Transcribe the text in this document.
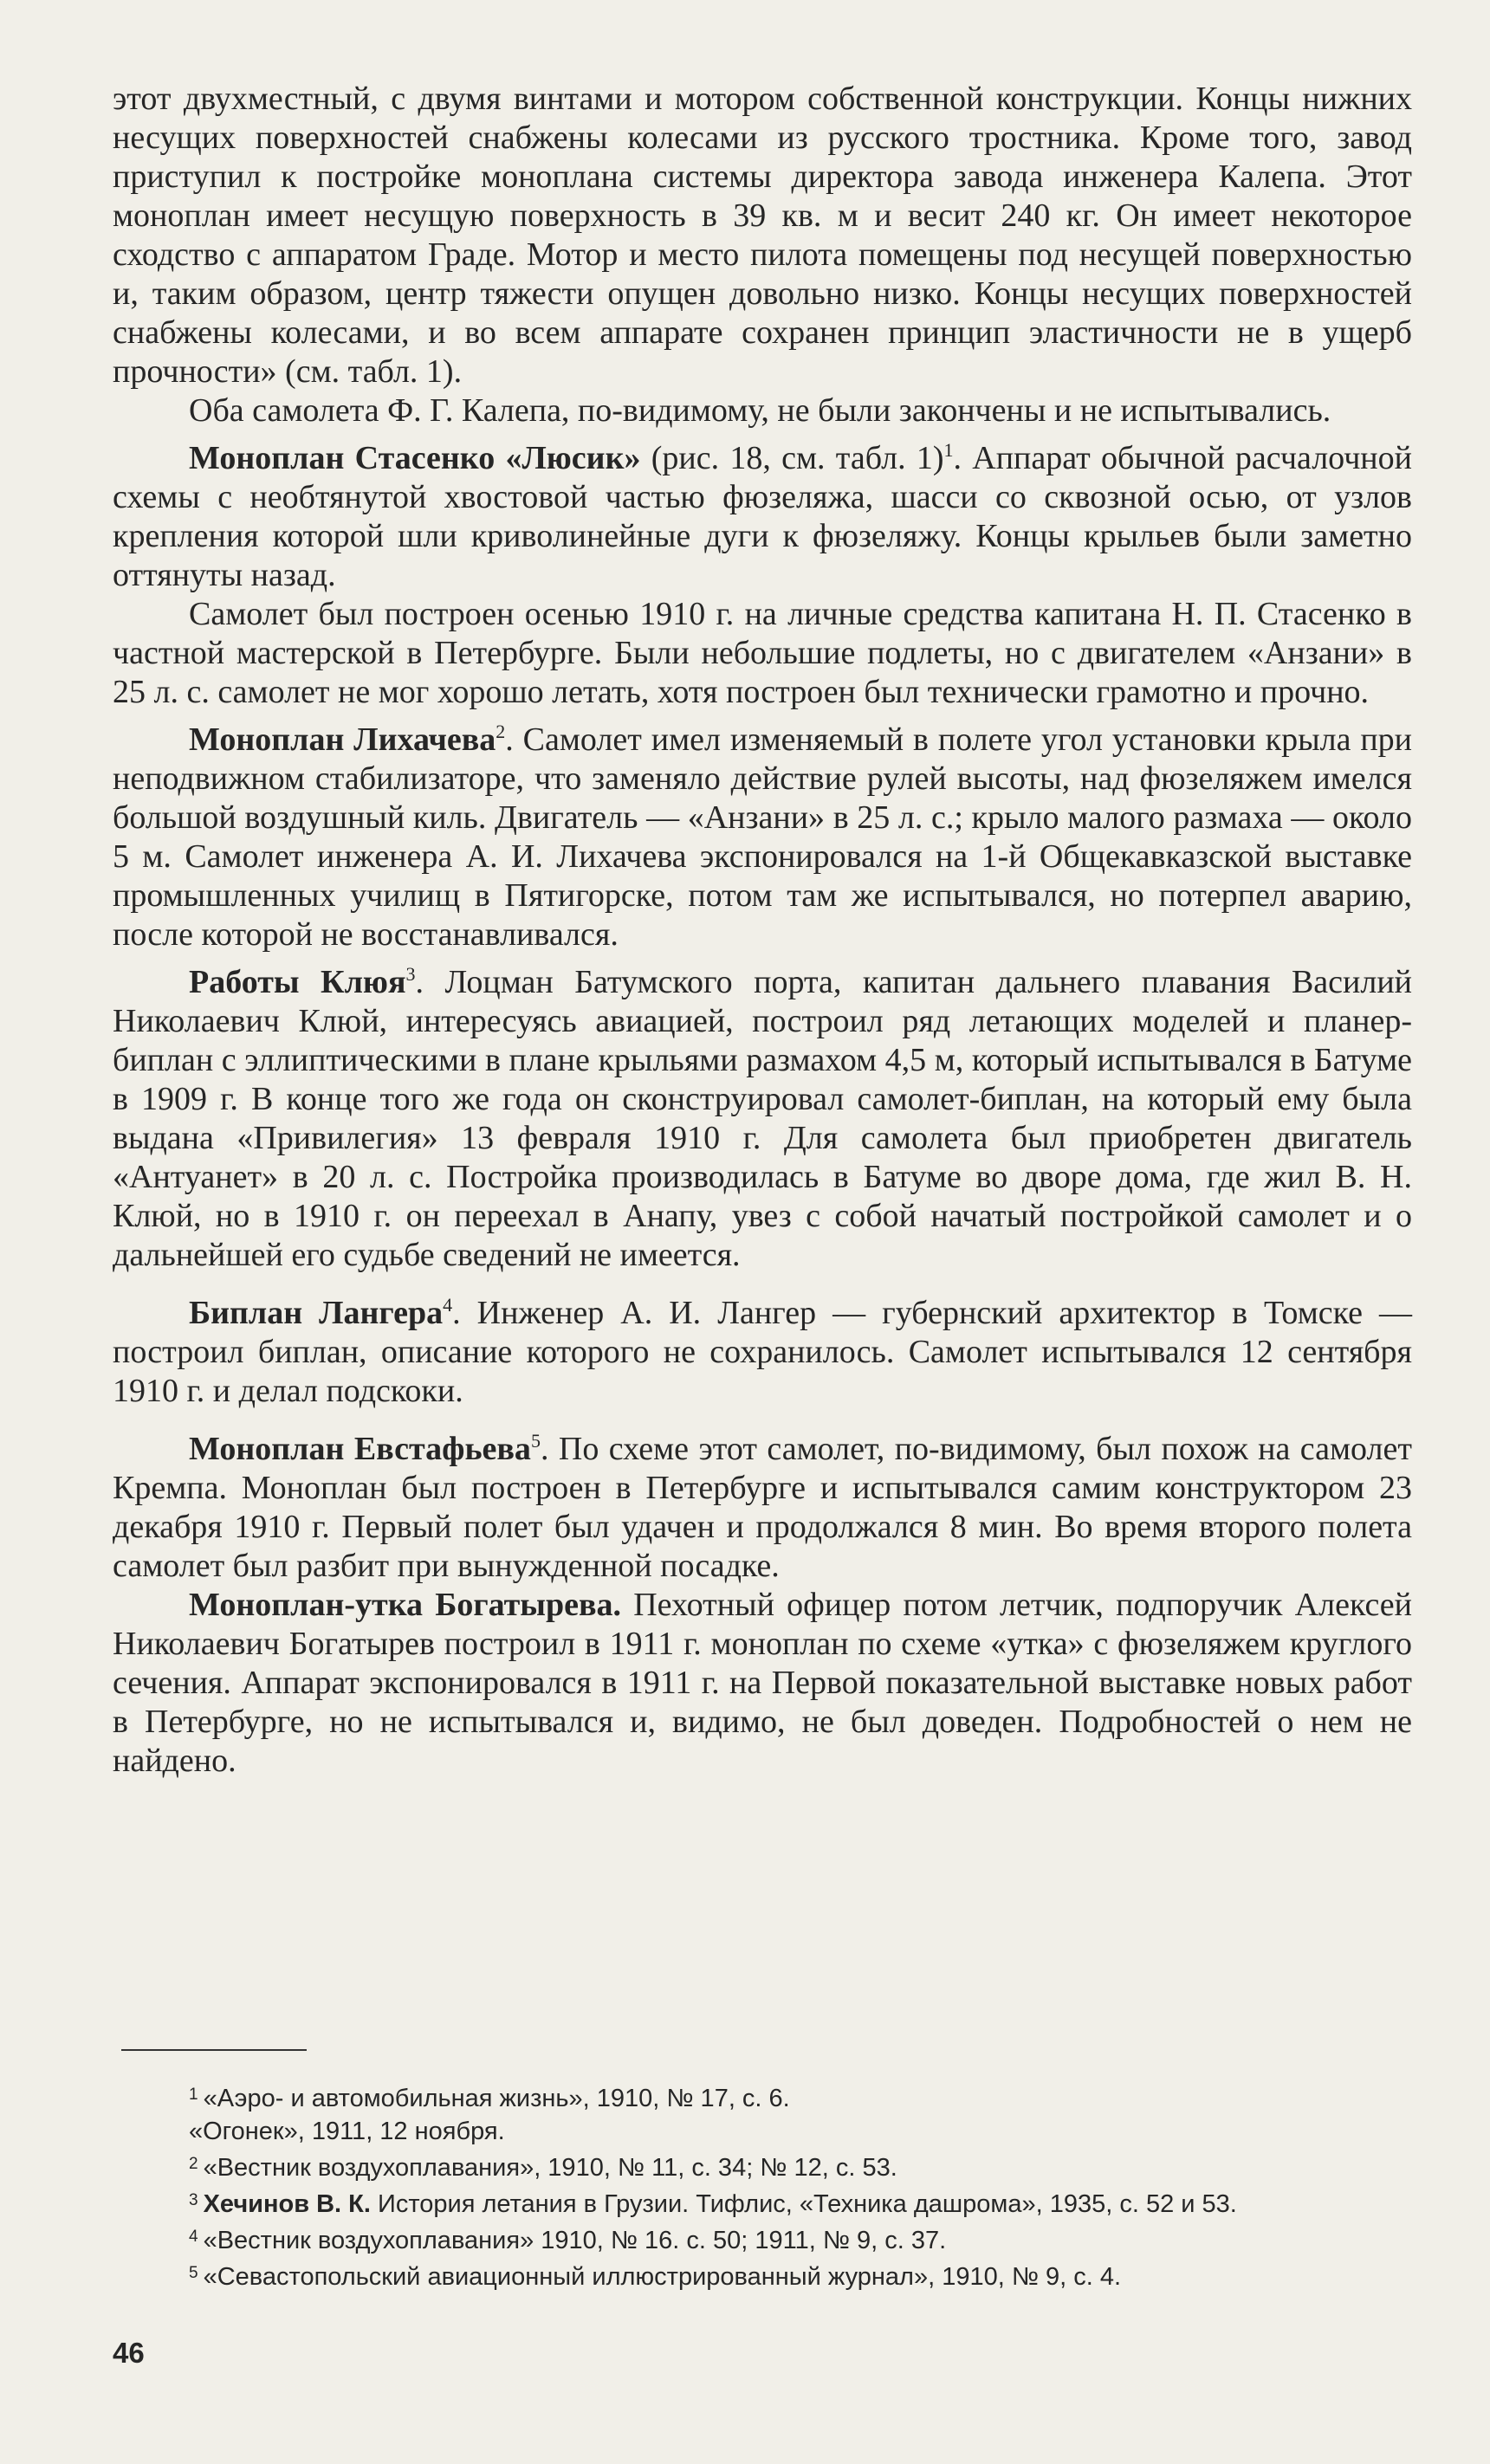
этот двухместный, с двумя винтами и мотором собственной конструкции. Концы нижних несущих поверхностей снабжены колесами из русского тростника. Кроме того, завод приступил к постройке моноплана системы директора завода инженера Калепа. Этот моноплан имеет несущую поверхность в 39 кв. м и весит 240 кг. Он имеет некоторое сходство с аппаратом Граде. Мотор и место пилота помещены под несущей поверхностью и, таким образом, центр тяжести опущен довольно низко. Концы несущих поверхностей снабжены колесами, и во всем аппарате сохранен принцип эластичности не в ущерб прочности» (см. табл. 1).

Оба самолета Ф. Г. Калепа, по-видимому, не были закончены и не испытывались.

Моноплан Стасенко «Люсик» (рис. 18, см. табл. 1)$^1$. Аппарат обычной расчалочной схемы с необтянутой хвостовой частью фюзеляжа, шасси со сквозной осью, от узлов крепления которой шли криволинейные дуги к фюзеляжу. Концы крыльев были заметно оттянуты назад.

Самолет был построен осенью 1910 г. на личные средства капитана Н. П. Стасенко в частной мастерской в Петербурге. Были небольшие подлеты, но с двигателем «Анзани» в 25 л. с. самолет не мог хорошо летать, хотя построен был технически грамотно и прочно.

Моноплан Лихачева$^2$. Самолет имел изменяемый в полете угол установки крыла при неподвижном стабилизаторе, что заменяло действие рулей высоты, над фюзеляжем имелся большой воздушный киль. Двигатель — «Анзани» в 25 л. с.; крыло малого размаха — около 5 м. Самолет инженера А. И. Лихачева экспонировался на 1-й Общекавказской выставке промышленных училищ в Пятигорске, потом там же испытывался, но потерпел аварию, после которой не восстанавливался.

Работы Клюя$^3$. Лоцман Батумского порта, капитан дальнего плавания Василий Николаевич Клюй, интересуясь авиацией, построил ряд летающих моделей и планер-биплан с эллиптическими в плане крыльями размахом 4,5 м, который испытывался в Батуме в 1909 г. В конце того же года он сконструировал самолет-биплан, на который ему была выдана «Привилегия» 13 февраля 1910 г. Для самолета был приобретен двигатель «Антуанет» в 20 л. с. Постройка производилась в Батуме во дворе дома, где жил В. Н. Клюй, но в 1910 г. он переехал в Анапу, увез с собой начатый постройкой самолет и о дальнейшей его судьбе сведений не имеется.

Биплан Лангера$^4$. Инженер А. И. Лангер — губернский архитектор в Томске — построил биплан, описание которого не сохранилось. Самолет испытывался 12 сентября 1910 г. и делал подскоки.

Моноплан Евстафьева$^5$. По схеме этот самолет, по-видимому, был похож на самолет Кремпа. Моноплан был построен в Петербурге и испытывался самим конструктором 23 декабря 1910 г. Первый полет был удачен и продолжался 8 мин. Во время второго полета самолет был разбит при вынужденной посадке.

Моноплан-утка Богатырева. Пехотный офицер потом летчик, подпоручик Алексей Николаевич Богатырев построил в 1911 г. моноплан по схеме «утка» с фюзеляжем круглого сечения. Аппарат экспонировался в 1911 г. на Первой показательной выставке новых работ в Петербурге, но не испытывался и, видимо, не был доведен. Подробностей о нем не найдено.

$^1$ «Аэро- и автомобильная жизнь», 1910, № 17, с. 6.

«Огонек», 1911, 12 ноября.

$^2$ «Вестник воздухоплавания», 1910, № 11, с. 34; № 12, с. 53.

$^3$ Хечинов В. К. История летания в Грузии. Тифлис, «Техника дашрома», 1935, с. 52 и 53.

$^4$ «Вестник воздухоплавания» 1910, № 16. с. 50; 1911, № 9, с. 37.

$^5$ «Севастопольский авиационный иллюстрированный журнал», 1910, № 9, с. 4.

46
